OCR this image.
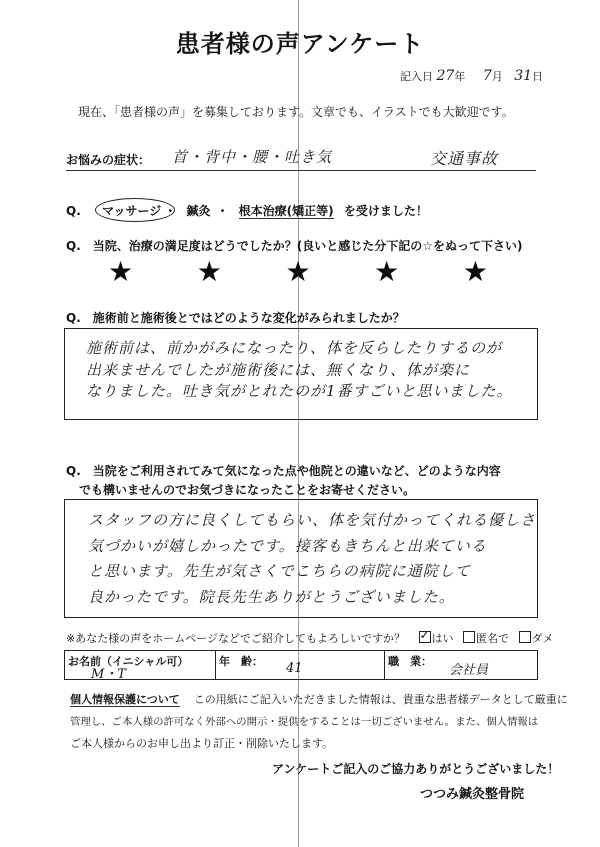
患者様の声アンケート
記入日 27年 7月 31日
現在、「患者様の声」を募集しております。文章でも、イラストでも大歓迎です。
お悩みの症状： 首・背中・腰・吐き気	交通事故
Q. マッサージ ・ 鍼灸 ・ 根本治療(矯正等) を受けました！
Q.　当院、治療の満足度はどうでしたか？(良いと感じた分下記の☆をぬって下さい)
★ ★ ★ ★ ★
Q.　施術前と施術後とではどのような変化がみられましたか？
施術前は、前かがみになったり、体を反らしたりするのが
出来ませんでしたが施術後には、無くなり、体が楽に
なりました。吐き気がとれたのが1番すごいと思いました。
Q.　当院をご利用されてみて気になった点や他院との違いなど、どのような内容
でも構いませんのでお気づきになったことをお寄せください。
スタッフの方に良くしてもらい、体を気付かってくれる優しさ
気づかいが嬉しかったです。接客もきちんと出来ている
と思います。先生が気さくでこちらの病院に通院して
良かったです。院長先生ありがとうございました。
※あなた様の声をホームページなどでご紹介してもよろしいですか？ ✓ はい 匿名で ダメ
お名前（イニシャル可）
M・T
年　齢： 41	職　業：
会社員
個人情報保護について この用紙にご記入いただきました情報は、貴重な患者様データとして厳重に
管理し、ご本人様の許可なく外部への開示・提供をすることは一切ございません。また、個人情報は
ご本人様からのお申し出より訂正・削除いたします。
アンケートご記入のご協力ありがとうございました！
つつみ鍼灸整骨院
